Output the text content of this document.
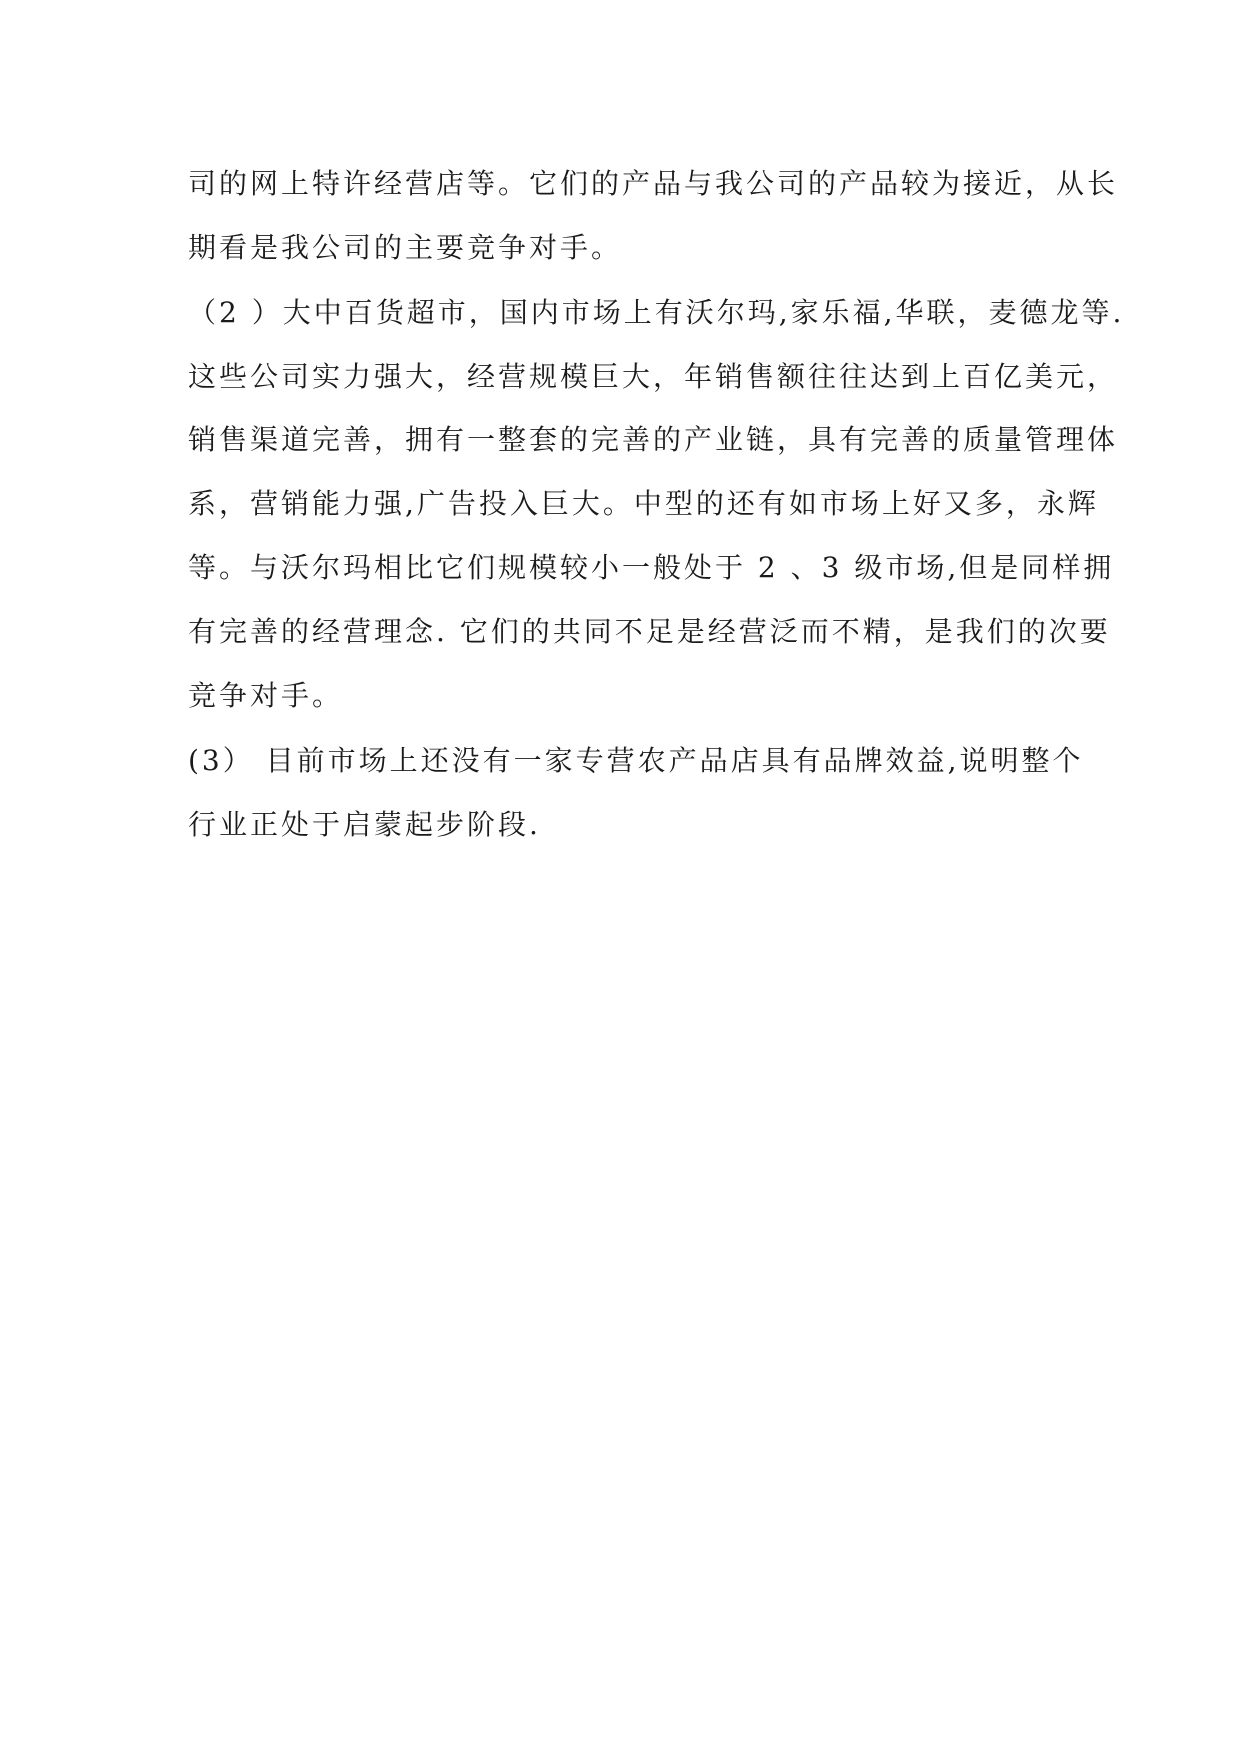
司的网上特许经营店等。它们的产品与我公司的产品较为接近，从长
期看是我公司的主要竞争对手。
（2 ）大中百货超市，国内市场上有沃尔玛,家乐福,华联，麦德龙等.
这些公司实力强大，经营规模巨大，年销售额往往达到上百亿美元，
销售渠道完善，拥有一整套的完善的产业链，具有完善的质量管理体
系，营销能力强,广告投入巨大。中型的还有如市场上好又多，永辉
等。与沃尔玛相比它们规模较小一般处于 2 、3 级市场,但是同样拥
有完善的经营理念. 它们的共同不足是经营泛而不精，是我们的次要
竞争对手。
(3） 目前市场上还没有一家专营农产品店具有品牌效益,说明整个
行业正处于启蒙起步阶段.
